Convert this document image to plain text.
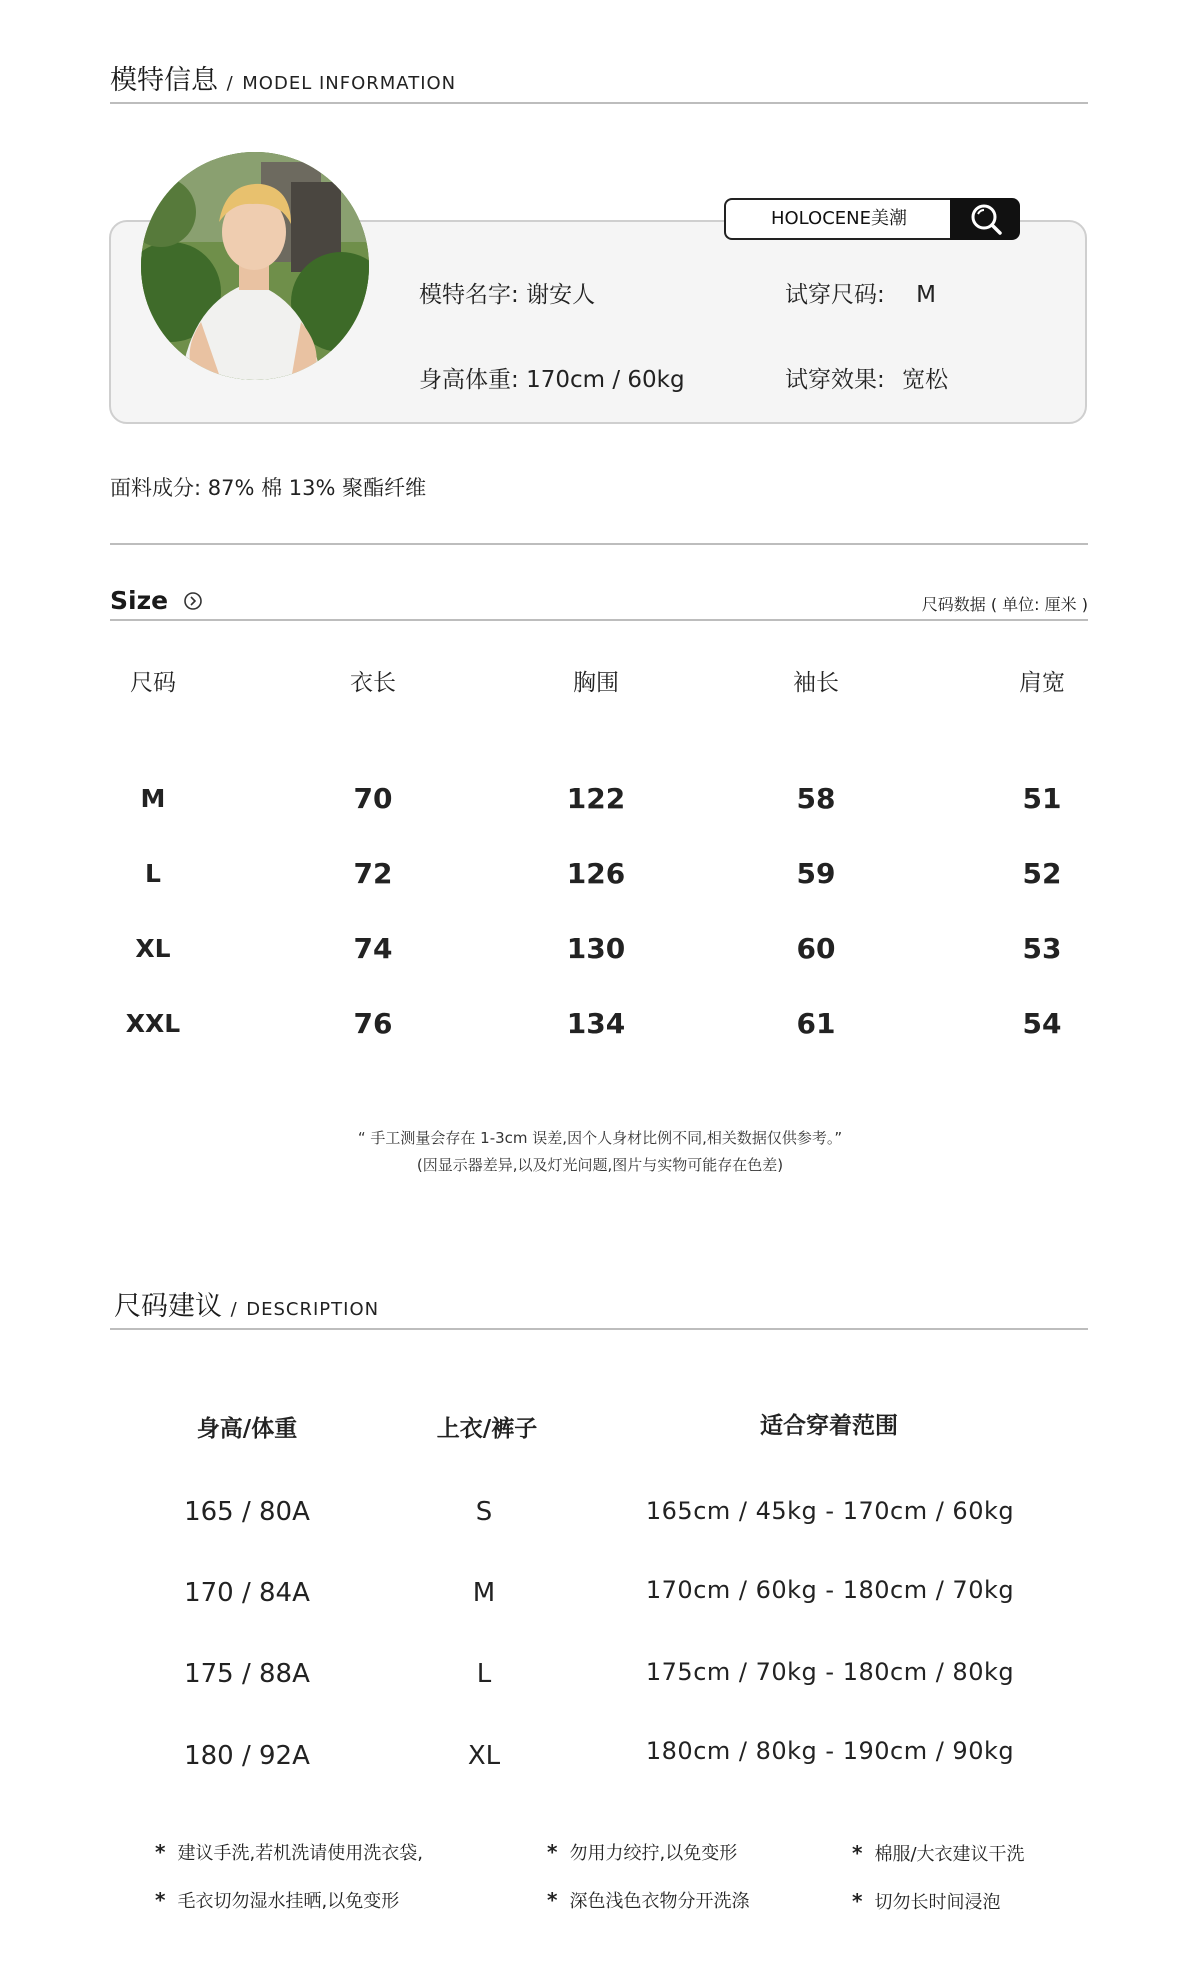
模特信息 / MODEL INFORMATION
HOLOCENE美潮
模特名字: 谢安人	试穿尺码: M
身高体重: 170cm / 60kg	试穿效果: 宽松
面料成分: 87% 棉 13% 聚酯纤维
Size	尺码数据 ( 单位: 厘米 )
尺码	衣长	胸围	袖长	肩宽
M	70	122	58	51
L	72	126	59	52
XL	74	130	60	53
XXL	76	134	61	54
“ 手工测量会存在 1-3cm 误差,因个人身材比例不同,相关数据仅供参考。”
(因显示器差异,以及灯光问题,图片与实物可能存在色差)
尺码建议 / DESCRIPTION
身高/体重	上衣/裤子	适合穿着范围
165 / 80A	S	165cm / 45kg - 170cm / 60kg
170 / 84A	M	170cm / 60kg - 180cm / 70kg
175 / 88A	L	175cm / 70kg - 180cm / 80kg
180 / 92A	XL	180cm / 80kg - 190cm / 90kg
* 建议手洗,若机洗请使用洗衣袋,	* 勿用力绞拧,以免变形	* 棉服/大衣建议干洗
* 毛衣切勿湿水挂晒,以免变形	* 深色浅色衣物分开洗涤	* 切勿长时间浸泡
